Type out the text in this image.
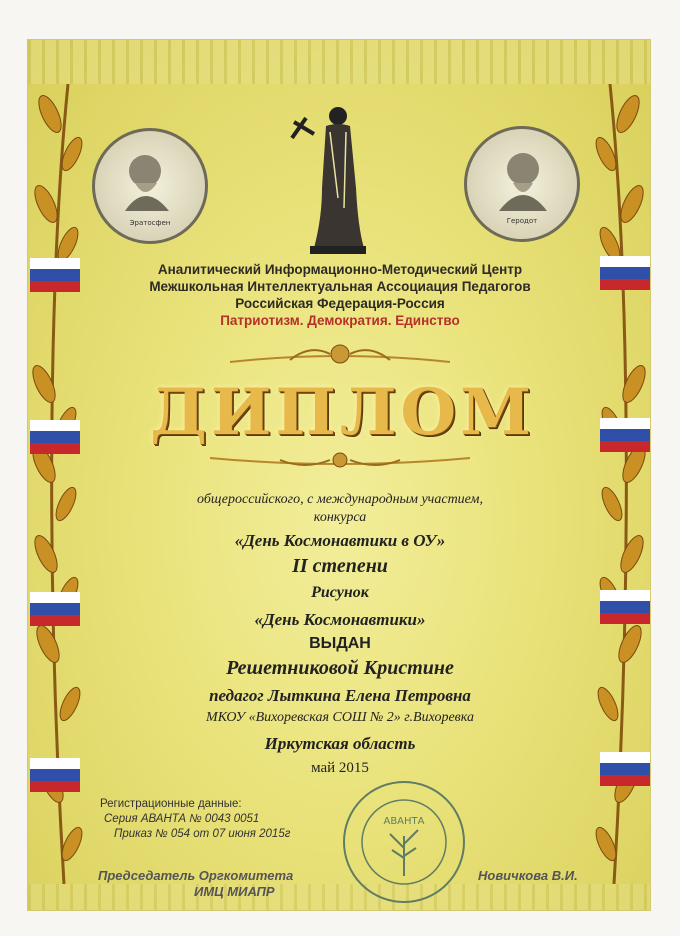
Эратосфен	Геродот
Аналитический Информационно-Методический Центр
Межшкольная Интеллектуальная Ассоциация Педагогов
Российская Федерация-Россия
Патриотизм. Демократия. Единство
ДИПЛОМ
общероссийского, с международным участием,
конкурса
«День Космонавтики в ОУ»
II степени
Рисунок
«День Космонавтики»
ВЫДАН
Решетниковой Кристине
педагог Лыткина Елена Петровна
МКОУ «Вихоревская СОШ № 2» г.Вихоревка
Иркутская область
май 2015
Регистрационные данные:
Серия АВАНТА № 0043 0051
Приказ № 054 от 07 июня 2015г
АВАНТА
Председатель Оргкомитета
ИМЦ МИАПР
Новичкова В.И.
